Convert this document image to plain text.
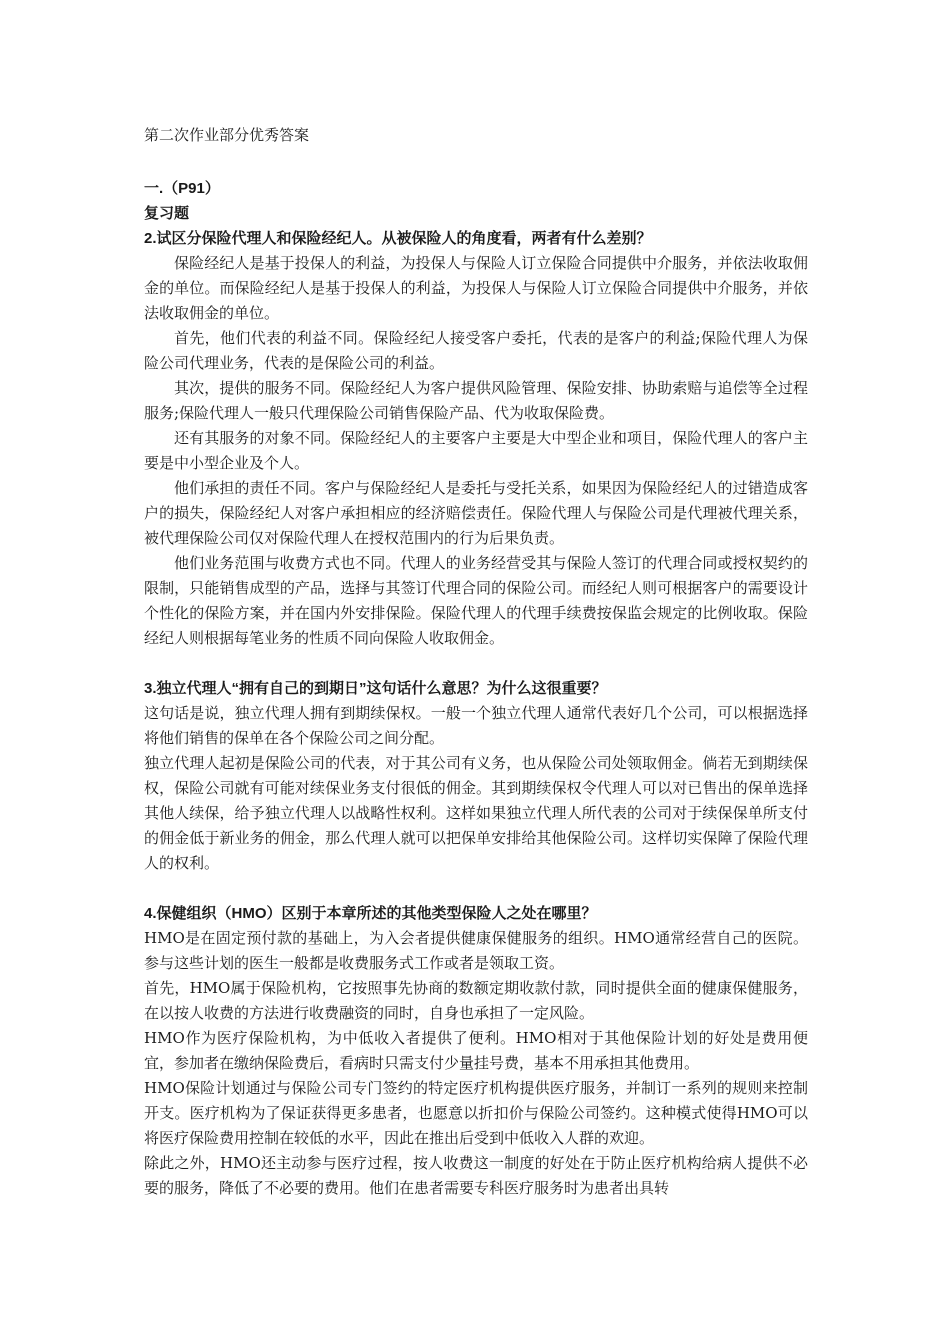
第二次作业部分优秀答案

一.（P91）

复习题

2.试区分保险代理人和保险经纪人。从被保险人的角度看，两者有什么差别？

保险经纪人是基于投保人的利益，为投保人与保险人订立保险合同提供中介服务，并依法收取佣金的单位。而保险经纪人是基于投保人的利益，为投保人与保险人订立保险合同提供中介服务，并依法收取佣金的单位。

首先，他们代表的利益不同。保险经纪人接受客户委托，代表的是客户的利益;保险代理人为保险公司代理业务，代表的是保险公司的利益。

其次，提供的服务不同。保险经纪人为客户提供风险管理、保险安排、协助索赔与追偿等全过程服务;保险代理人一般只代理保险公司销售保险产品、代为收取保险费。

还有其服务的对象不同。保险经纪人的主要客户主要是大中型企业和项目，保险代理人的客户主要是中小型企业及个人。

他们承担的责任不同。客户与保险经纪人是委托与受托关系，如果因为保险经纪人的过错造成客户的损失，保险经纪人对客户承担相应的经济赔偿责任。保险代理人与保险公司是代理被代理关系，被代理保险公司仅对保险代理人在授权范围内的行为后果负责。

他们业务范围与收费方式也不同。代理人的业务经营受其与保险人签订的代理合同或授权契约的限制，只能销售成型的产品，选择与其签订代理合同的保险公司。而经纪人则可根据客户的需要设计个性化的保险方案，并在国内外安排保险。保险代理人的代理手续费按保监会规定的比例收取。保险经纪人则根据每笔业务的性质不同向保险人收取佣金。

3.独立代理人“拥有自己的到期日”这句话什么意思？为什么这很重要？

这句话是说，独立代理人拥有到期续保权。一般一个独立代理人通常代表好几个公司，可以根据选择将他们销售的保单在各个保险公司之间分配。

独立代理人起初是保险公司的代表，对于其公司有义务，也从保险公司处领取佣金。倘若无到期续保权，保险公司就有可能对续保业务支付很低的佣金。其到期续保权令代理人可以对已售出的保单选择其他人续保，给予独立代理人以战略性权利。这样如果独立代理人所代表的公司对于续保保单所支付的佣金低于新业务的佣金，那么代理人就可以把保单安排给其他保险公司。这样切实保障了保险代理人的权利。

4.保健组织（HMO）区别于本章所述的其他类型保险人之处在哪里？

HMO是在固定预付款的基础上，为入会者提供健康保健服务的组织。HMO通常经营自己的医院。参与这些计划的医生一般都是收费服务式工作或者是领取工资。

首先，HMO属于保险机构，它按照事先协商的数额定期收款付款，同时提供全面的健康保健服务，在以按人收费的方法进行收费融资的同时，自身也承担了一定风险。

HMO作为医疗保险机构，为中低收入者提供了便利。HMO相对于其他保险计划的好处是费用便宜，参加者在缴纳保险费后，看病时只需支付少量挂号费，基本不用承担其他费用。

HMO保险计划通过与保险公司专门签约的特定医疗机构提供医疗服务，并制订一系列的规则来控制开支。医疗机构为了保证获得更多患者，也愿意以折扣价与保险公司签约。这种模式使得HMO可以将医疗保险费用控制在较低的水平，因此在推出后受到中低收入人群的欢迎。

除此之外，HMO还主动参与医疗过程，按人收费这一制度的好处在于防止医疗机构给病人提供不必要的服务，降低了不必要的费用。他们在患者需要专科医疗服务时为患者出具转
